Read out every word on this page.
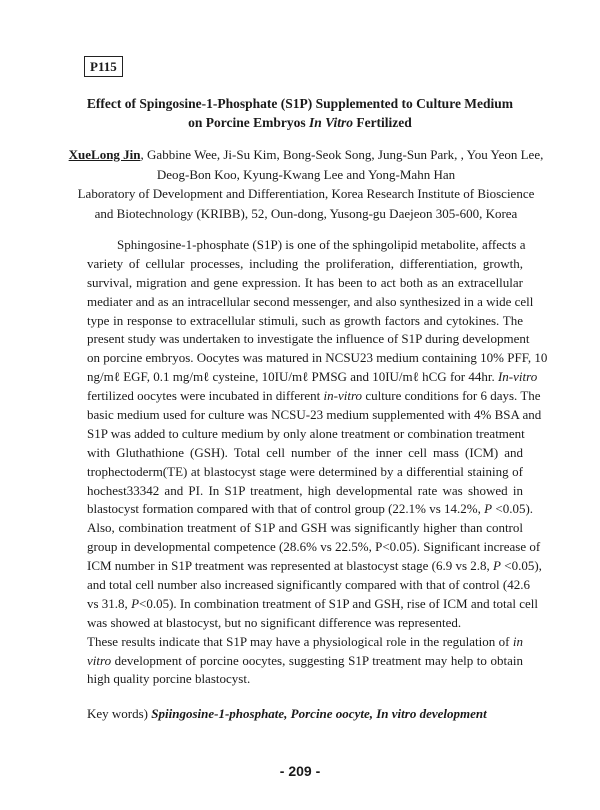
P115
Effect of Spingosine-1-Phosphate (S1P) Supplemented to Culture Medium
on Porcine Embryos In Vitro Fertilized
XueLong Jin, Gabbine Wee, Ji-Su Kim, Bong-Seok Song, Jung-Sun Park, , You Yeon Lee,
Deog-Bon Koo, Kyung-Kwang Lee and Yong-Mahn Han
Laboratory of Development and Differentiation, Korea Research Institute of Bioscience
and Biotechnology (KRIBB), 52, Oun-dong, Yusong-gu Daejeon 305-600, Korea
Sphingosine-1-phosphate (S1P) is one of the sphingolipid metabolite, affects a
variety of cellular processes, including the proliferation, differentiation, growth,
survival, migration and gene expression. It has been to act both as an extracellular
mediater and as an intracellular second messenger, and also synthesized in a wide cell
type in response to extracellular stimuli, such as growth factors and cytokines. The
present study was undertaken to investigate the influence of S1P during development
on porcine embryos. Oocytes was matured in NCSU23 medium containing 10% PFF, 10
ng/mℓ EGF, 0.1 mg/mℓ cysteine, 10IU/mℓ PMSG and 10IU/mℓ hCG for 44hr. In-vitro
fertilized oocytes were incubated in different in-vitro culture conditions for 6 days. The
basic medium used for culture was NCSU-23 medium supplemented with 4% BSA and
S1P was added to culture medium by only alone treatment or combination treatment
with Gluthathione (GSH). Total cell number of the inner cell mass (ICM) and
trophectoderm(TE) at blastocyst stage were determined by a differential staining of
hochest33342 and PI. In S1P treatment, high developmental rate was showed in
blastocyst formation compared with that of control group (22.1% vs 14.2%, P <0.05).
Also, combination treatment of S1P and GSH was significantly higher than control
group in developmental competence (28.6% vs 22.5%, P<0.05). Significant increase of
ICM number in S1P treatment was represented at blastocyst stage (6.9 vs 2.8, P <0.05),
and total cell number also increased significantly compared with that of control (42.6
vs 31.8, P<0.05). In combination treatment of S1P and GSH, rise of ICM and total cell
was showed at blastocyst, but no significant difference was represented.
These results indicate that S1P may have a physiological role in the regulation of in
vitro development of porcine oocytes, suggesting S1P treatment may help to obtain
high quality porcine blastocyst.
Key words) Spiingosine-1-phosphate, Porcine oocyte, In vitro development
- 209 -
